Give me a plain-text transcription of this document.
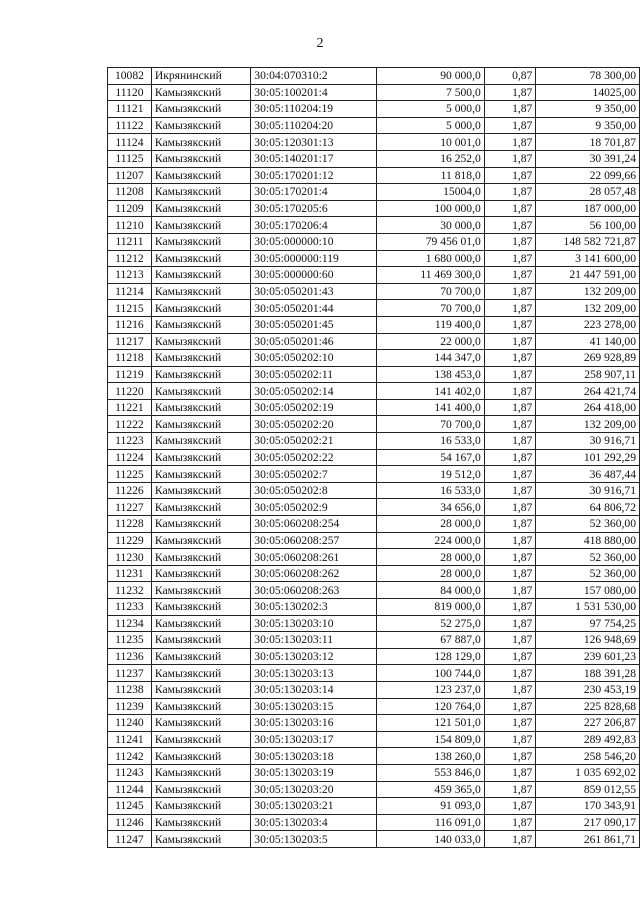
2
10082	Икрянинский	30:04:070310:2	90 000,0	0,87	78 300,00
11120	Камызякский	30:05:100201:4	7 500,0	1,87	14025,00
11121	Камызякский	30:05:110204:19	5 000,0	1,87	9 350,00
11122	Камызякский	30:05:110204:20	5 000,0	1,87	9 350,00
11124	Камызякский	30:05:120301:13	10 001,0	1,87	18 701,87
11125	Камызякский	30:05:140201:17	16 252,0	1,87	30 391,24
11207	Камызякский	30:05:170201:12	11 818,0	1,87	22 099,66
11208	Камызякский	30:05:170201:4	15004,0	1,87	28 057,48
11209	Камызякский	30:05:170205:6	100 000,0	1,87	187 000,00
11210	Камызякский	30:05:170206:4	30 000,0	1,87	56 100,00
11211	Камызякский	30:05:000000:10	79 456 01,0	1,87	148 582 721,87
11212	Камызякский	30:05:000000:119	1 680 000,0	1,87	3 141 600,00
11213	Камызякский	30:05:000000:60	11 469 300,0	1,87	21 447 591,00
11214	Камызякский	30:05:050201:43	70 700,0	1,87	132 209,00
11215	Камызякский	30:05:050201:44	70 700,0	1,87	132 209,00
11216	Камызякский	30:05:050201:45	119 400,0	1,87	223 278,00
11217	Камызякский	30:05:050201:46	22 000,0	1,87	41 140,00
11218	Камызякский	30:05:050202:10	144 347,0	1,87	269 928,89
11219	Камызякский	30:05:050202:11	138 453,0	1,87	258 907,11
11220	Камызякский	30:05:050202:14	141 402,0	1,87	264 421,74
11221	Камызякский	30:05:050202:19	141 400,0	1,87	264 418,00
11222	Камызякский	30:05:050202:20	70 700,0	1,87	132 209,00
11223	Камызякский	30:05:050202:21	16 533,0	1,87	30 916,71
11224	Камызякский	30:05:050202:22	54 167,0	1,87	101 292,29
11225	Камызякский	30:05:050202:7	19 512,0	1,87	36 487,44
11226	Камызякский	30:05:050202:8	16 533,0	1,87	30 916,71
11227	Камызякский	30:05:050202:9	34 656,0	1,87	64 806,72
11228	Камызякский	30:05:060208:254	28 000,0	1,87	52 360,00
11229	Камызякский	30:05:060208:257	224 000,0	1,87	418 880,00
11230	Камызякский	30:05:060208:261	28 000,0	1,87	52 360,00
11231	Камызякский	30:05:060208:262	28 000,0	1,87	52 360,00
11232	Камызякский	30:05:060208:263	84 000,0	1,87	157 080,00
11233	Камызякский	30:05:130202:3	819 000,0	1,87	1 531 530,00
11234	Камызякский	30:05:130203:10	52 275,0	1,87	97 754,25
11235	Камызякский	30:05:130203:11	67 887,0	1,87	126 948,69
11236	Камызякский	30:05:130203:12	128 129,0	1,87	239 601,23
11237	Камызякский	30:05:130203:13	100 744,0	1,87	188 391,28
11238	Камызякский	30:05:130203:14	123 237,0	1,87	230 453,19
11239	Камызякский	30:05:130203:15	120 764,0	1,87	225 828,68
11240	Камызякский	30:05:130203:16	121 501,0	1,87	227 206,87
11241	Камызякский	30:05:130203:17	154 809,0	1,87	289 492,83
11242	Камызякский	30:05:130203:18	138 260,0	1,87	258 546,20
11243	Камызякский	30:05:130203:19	553 846,0	1,87	1 035 692,02
11244	Камызякский	30:05:130203:20	459 365,0	1,87	859 012,55
11245	Камызякский	30:05:130203:21	91 093,0	1,87	170 343,91
11246	Камызякский	30:05:130203:4	116 091,0	1,87	217 090,17
11247	Камызякский	30:05:130203:5	140 033,0	1,87	261 861,71
